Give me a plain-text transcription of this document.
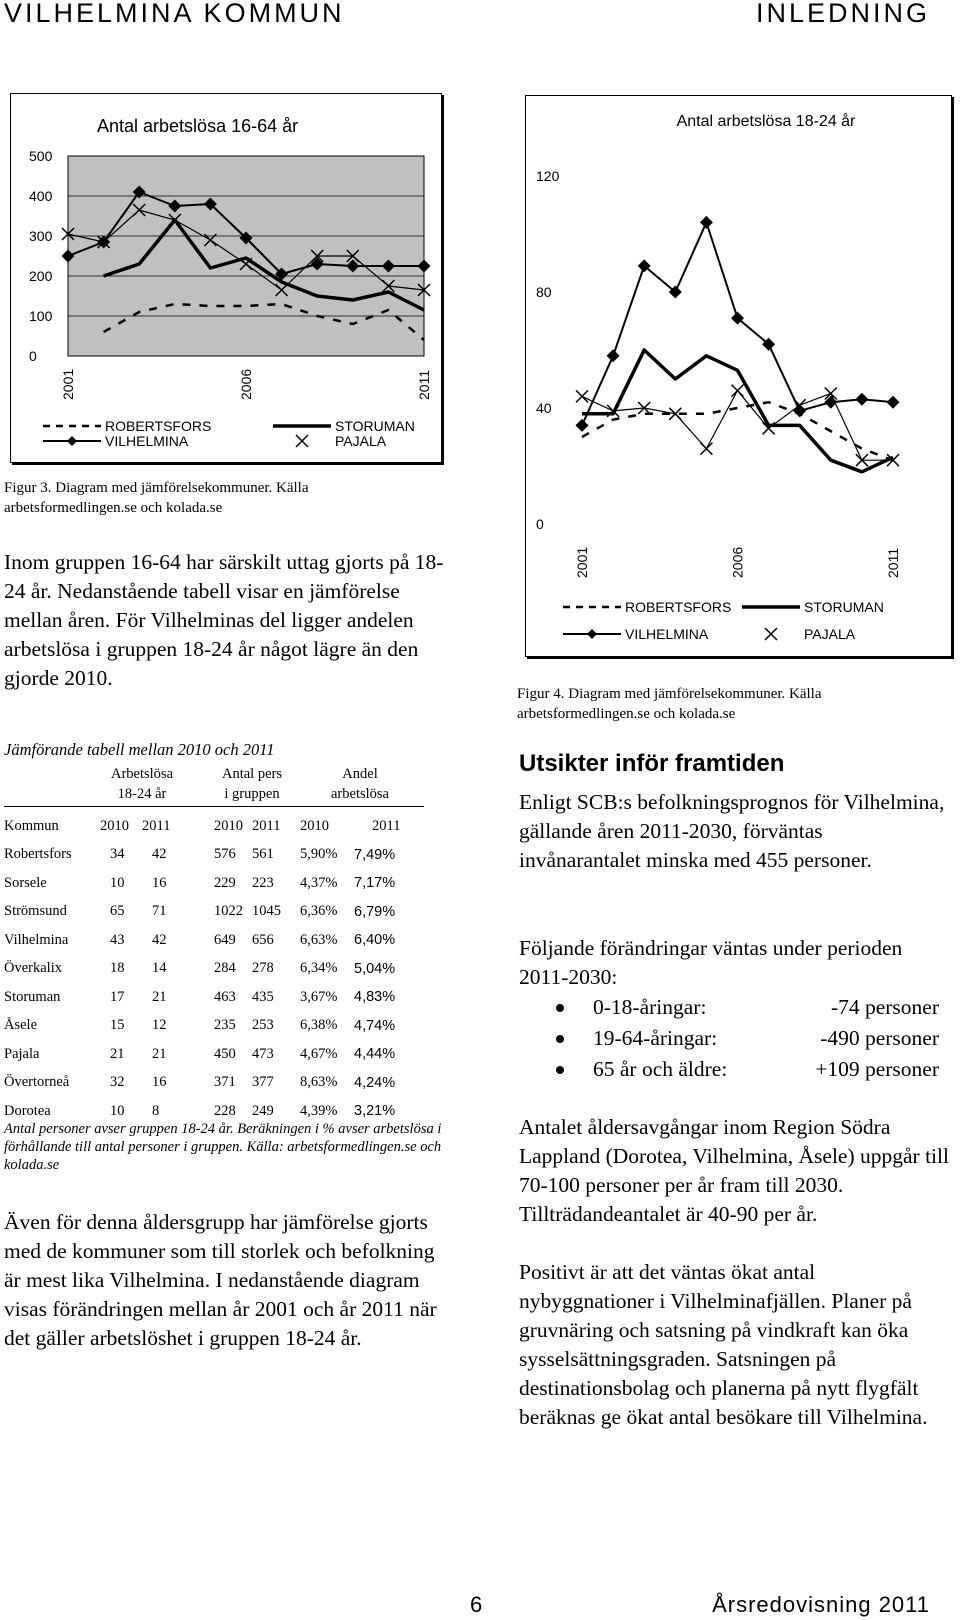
VILHELMINA KOMMUN	INLEDNING
Antal arbetslösa 16-64 år
0
100
200
300
400
500
2001	2006	2011
ROBERTSFORS	STORUMAN
VILHELMINA	PAJALA
Antal arbetslösa 18-24 år
0
40
80
120
2001	2006	2011
ROBERTSFORS	STORUMAN
VILHELMINA	PAJALA
Figur 3. Diagram med jämförelsekommuner. Källa arbetsformedlingen.se och kolada.se
Figur 4. Diagram med jämförelsekommuner. Källa arbetsformedlingen.se och kolada.se
Inom gruppen 16-64 har särskilt uttag gjorts på 18-24 år. Nedanstående tabell visar en jämförelse mellan åren. För Vilhelminas del ligger andelen arbetslösa i gruppen 18-24 år något lägre än den gjorde 2010.
Jämförande tabell mellan 2010 och 2011
Arbetslösa
18-24 år
Antal pers
i gruppen
Andel
arbetslösa
Kommun	2010	2011	2010	2011	2010	2011
Robertsfors	34	42	576	561	5,90%	7,49%
Sorsele	10	16	229	223	4,37%	7,17%
Strömsund	65	71	1022	1045	6,36%	6,79%
Vilhelmina	43	42	649	656	6,63%	6,40%
Överkalix	18	14	284	278	6,34%	5,04%
Storuman	17	21	463	435	3,67%	4,83%
Åsele	15	12	235	253	6,38%	4,74%
Pajala	21	21	450	473	4,67%	4,44%
Övertorneå	32	16	371	377	8,63%	4,24%
Dorotea	10	8	228	249	4,39%	3,21%
Antal personer avser gruppen 18-24 år. Beräkningen i % avser arbetslösa i förhållande till antal personer i gruppen. Källa: arbetsformedlingen.se och kolada.se
Även för denna åldersgrupp har jämförelse gjorts med de kommuner som till storlek och befolkning är mest lika Vilhelmina. I nedanstående diagram visas förändringen mellan år 2001 och år 2011 när det gäller arbetslöshet i gruppen 18-24 år.
Utsikter inför framtiden
Enligt SCB:s befolkningsprognos för Vilhelmina, gällande åren 2011-2030, förväntas invånarantalet minska med 455 personer.
Följande förändringar väntas under perioden 2011-2030:
0-18-åringar:	-74 personer
19-64-åringar:	-490 personer
65 år och äldre:	+109 personer
Antalet åldersavgångar inom Region Södra Lappland (Dorotea, Vilhelmina, Åsele) uppgår till 70-100 personer per år fram till 2030. Tillträdandeantalet är 40-90 per år.
Positivt är att det väntas ökat antal nybyggnationer i Vilhelminafjällen. Planer på gruvnäring och satsning på vindkraft kan öka sysselsättningsgraden. Satsningen på destinationsbolag och planerna på nytt flygfält beräknas ge ökat antal besökare till Vilhelmina.
6	Årsredovisning 2011
